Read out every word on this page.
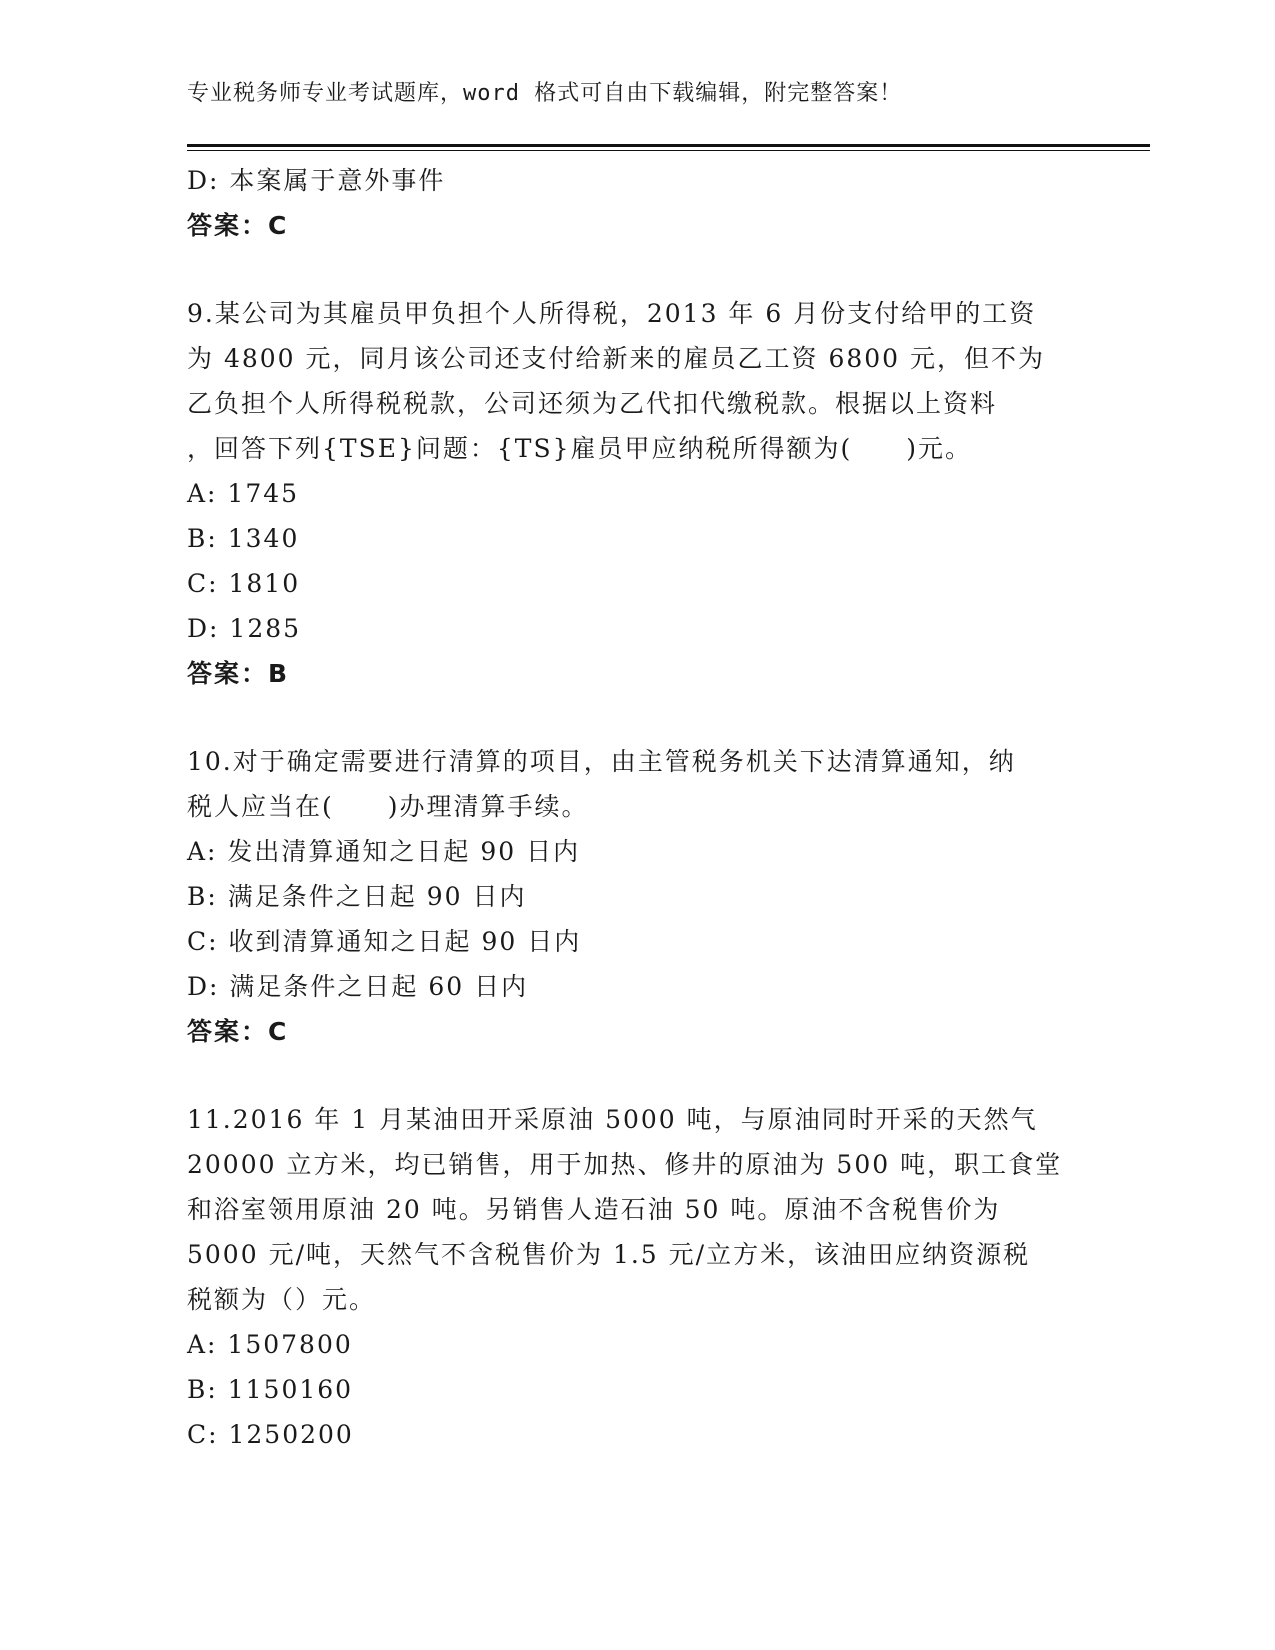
专业税务师专业考试题库，word 格式可自由下载编辑，附完整答案！

D: 本案属于意外事件

答案：C

9.某公司为其雇员甲负担个人所得税，2013 年 6 月份支付给甲的工资

为 4800 元，同月该公司还支付给新来的雇员乙工资 6800 元，但不为

乙负担个人所得税税款，公司还须为乙代扣代缴税款。根据以上资料

，回答下列{TSE}问题：{TS}雇员甲应纳税所得额为(　　)元。

A: 1745

B: 1340

C: 1810

D: 1285

答案：B

10.对于确定需要进行清算的项目，由主管税务机关下达清算通知，纳

税人应当在(　　)办理清算手续。

A: 发出清算通知之日起 90 日内

B: 满足条件之日起 90 日内

C: 收到清算通知之日起 90 日内

D: 满足条件之日起 60 日内

答案：C

11.2016 年 1 月某油田开采原油 5000 吨，与原油同时开采的天然气

20000 立方米，均已销售，用于加热、修井的原油为 500 吨，职工食堂

和浴室领用原油 20 吨。另销售人造石油 50 吨。原油不含税售价为

5000 元/吨，天然气不含税售价为 1.5 元/立方米，该油田应纳资源税

税额为（）元。

A: 1507800

B: 1150160

C: 1250200
